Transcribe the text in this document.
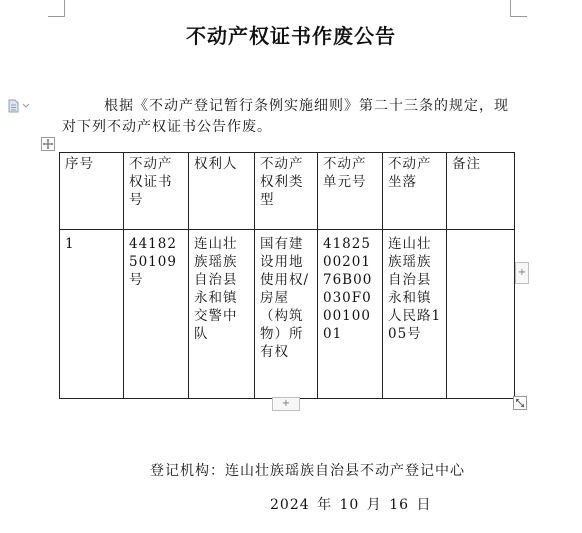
不动产权证书作废公告
根据《不动产登记暂行条例实施细则》第二十三条的规定，现对下列不动产权证书公告作废。
序号	不动产权证书号	权利人	不动产权利类型	不动产单元号	不动产坐落	备注
1	4418250109号	连山壮族瑶族自治县永和镇交警中队	国有建设用地使用权/房屋（构筑物）所有权	418250020176B00030F00010001	连山壮族瑶族自治县永和镇人民路105号	
+
+
登记机构：连山壮族瑶族自治县不动产登记中心
2024 年 10 月 16 日
